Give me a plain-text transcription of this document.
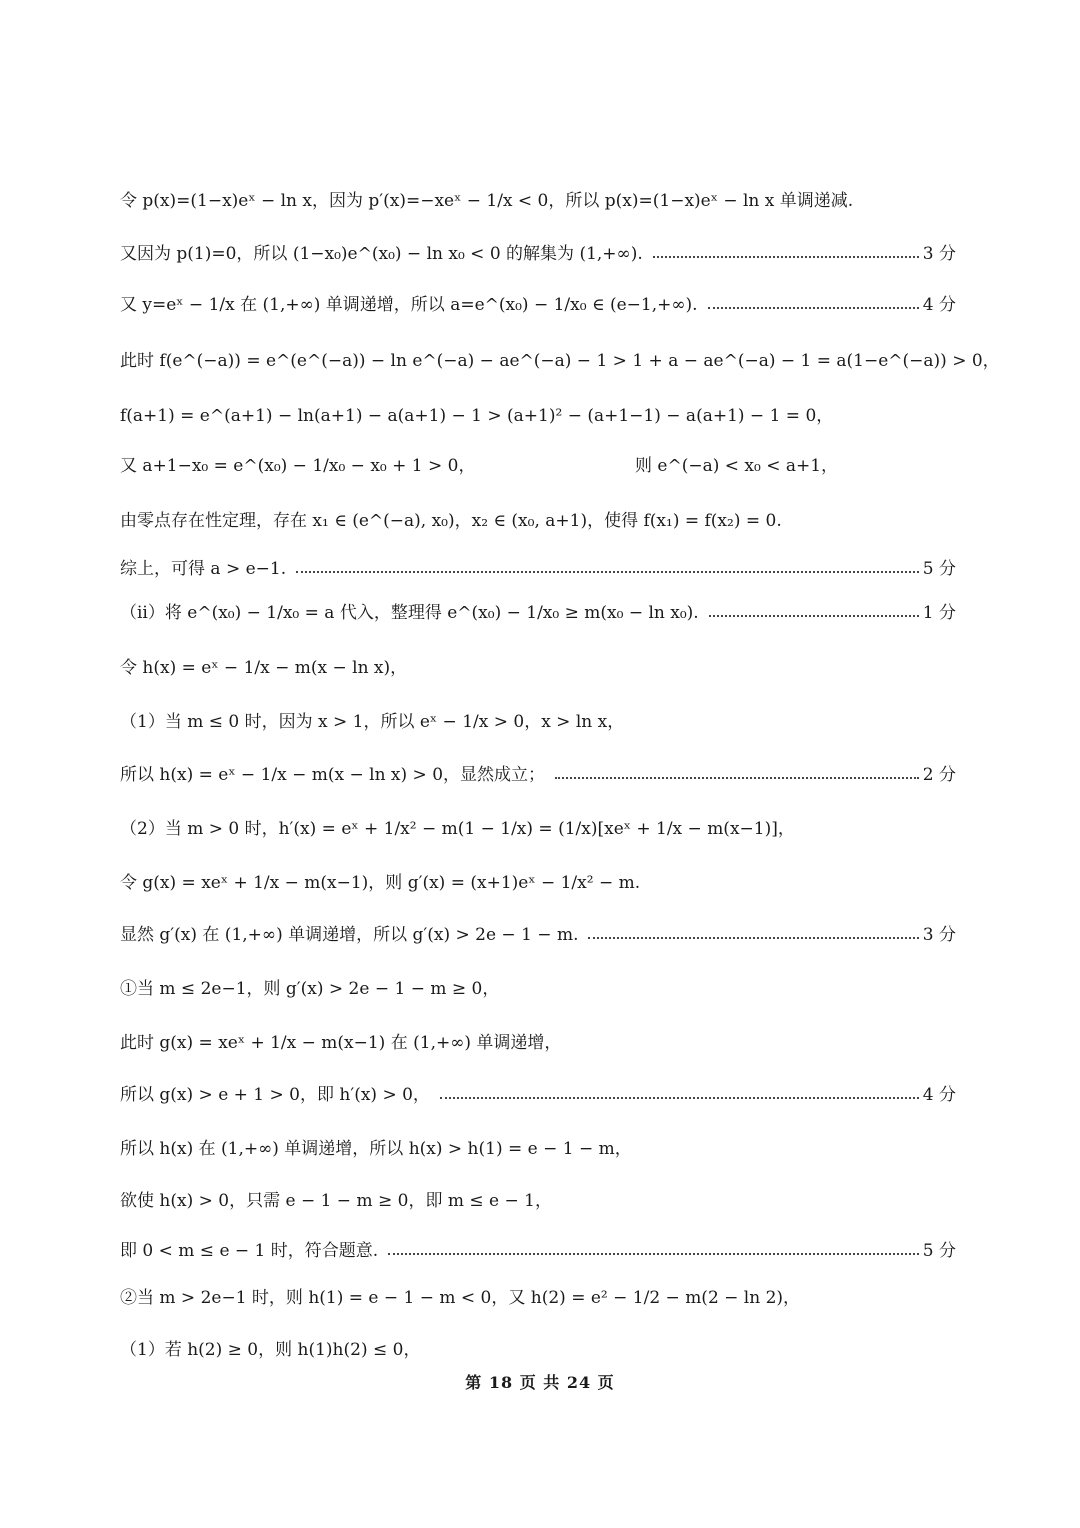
令 p(x)=(1−x)eˣ − ln x，因为 p′(x)=−xeˣ − 1/x < 0，所以 p(x)=(1−x)eˣ − ln x 单调递减.
又因为 p(1)=0，所以 (1−x₀)e^(x₀) − ln x₀ < 0 的解集为 (1,+∞).	3 分
又 y=eˣ − 1/x 在 (1,+∞) 单调递增，所以 a=e^(x₀) − 1/x₀ ∈ (e−1,+∞).	4 分
此时 f(e^(−a)) = e^(e^(−a)) − ln e^(−a) − ae^(−a) − 1 > 1 + a − ae^(−a) − 1 = a(1−e^(−a)) > 0，
f(a+1) = e^(a+1) − ln(a+1) − a(a+1) − 1 > (a+1)² − (a+1−1) − a(a+1) − 1 = 0，
又 a+1−x₀ = e^(x₀) − 1/x₀ − x₀ + 1 > 0，	则 e^(−a) < x₀ < a+1，
由零点存在性定理，存在 x₁ ∈ (e^(−a), x₀)，x₂ ∈ (x₀, a+1)，使得 f(x₁) = f(x₂) = 0.
综上，可得 a > e−1.	5 分
（ii）将 e^(x₀) − 1/x₀ = a 代入，整理得 e^(x₀) − 1/x₀ ≥ m(x₀ − ln x₀).	1 分
令 h(x) = eˣ − 1/x − m(x − ln x)，
（1）当 m ≤ 0 时，因为 x > 1，所以 eˣ − 1/x > 0，x > ln x，
所以 h(x) = eˣ − 1/x − m(x − ln x) > 0，显然成立；	2 分
（2）当 m > 0 时，h′(x) = eˣ + 1/x² − m(1 − 1/x) = (1/x)[xeˣ + 1/x − m(x−1)]，
令 g(x) = xeˣ + 1/x − m(x−1)，则 g′(x) = (x+1)eˣ − 1/x² − m.
显然 g′(x) 在 (1,+∞) 单调递增，所以 g′(x) > 2e − 1 − m.	3 分
①当 m ≤ 2e−1，则 g′(x) > 2e − 1 − m ≥ 0，
此时 g(x) = xeˣ + 1/x − m(x−1) 在 (1,+∞) 单调递增，
所以 g(x) > e + 1 > 0，即 h′(x) > 0，	4 分
所以 h(x) 在 (1,+∞) 单调递增，所以 h(x) > h(1) = e − 1 − m，
欲使 h(x) > 0，只需 e − 1 − m ≥ 0，即 m ≤ e − 1，
即 0 < m ≤ e − 1 时，符合题意.	5 分
②当 m > 2e−1 时，则 h(1) = e − 1 − m < 0，又 h(2) = e² − 1/2 − m(2 − ln 2)，
（1）若 h(2) ≥ 0，则 h(1)h(2) ≤ 0，
第 18 页 共 24 页
